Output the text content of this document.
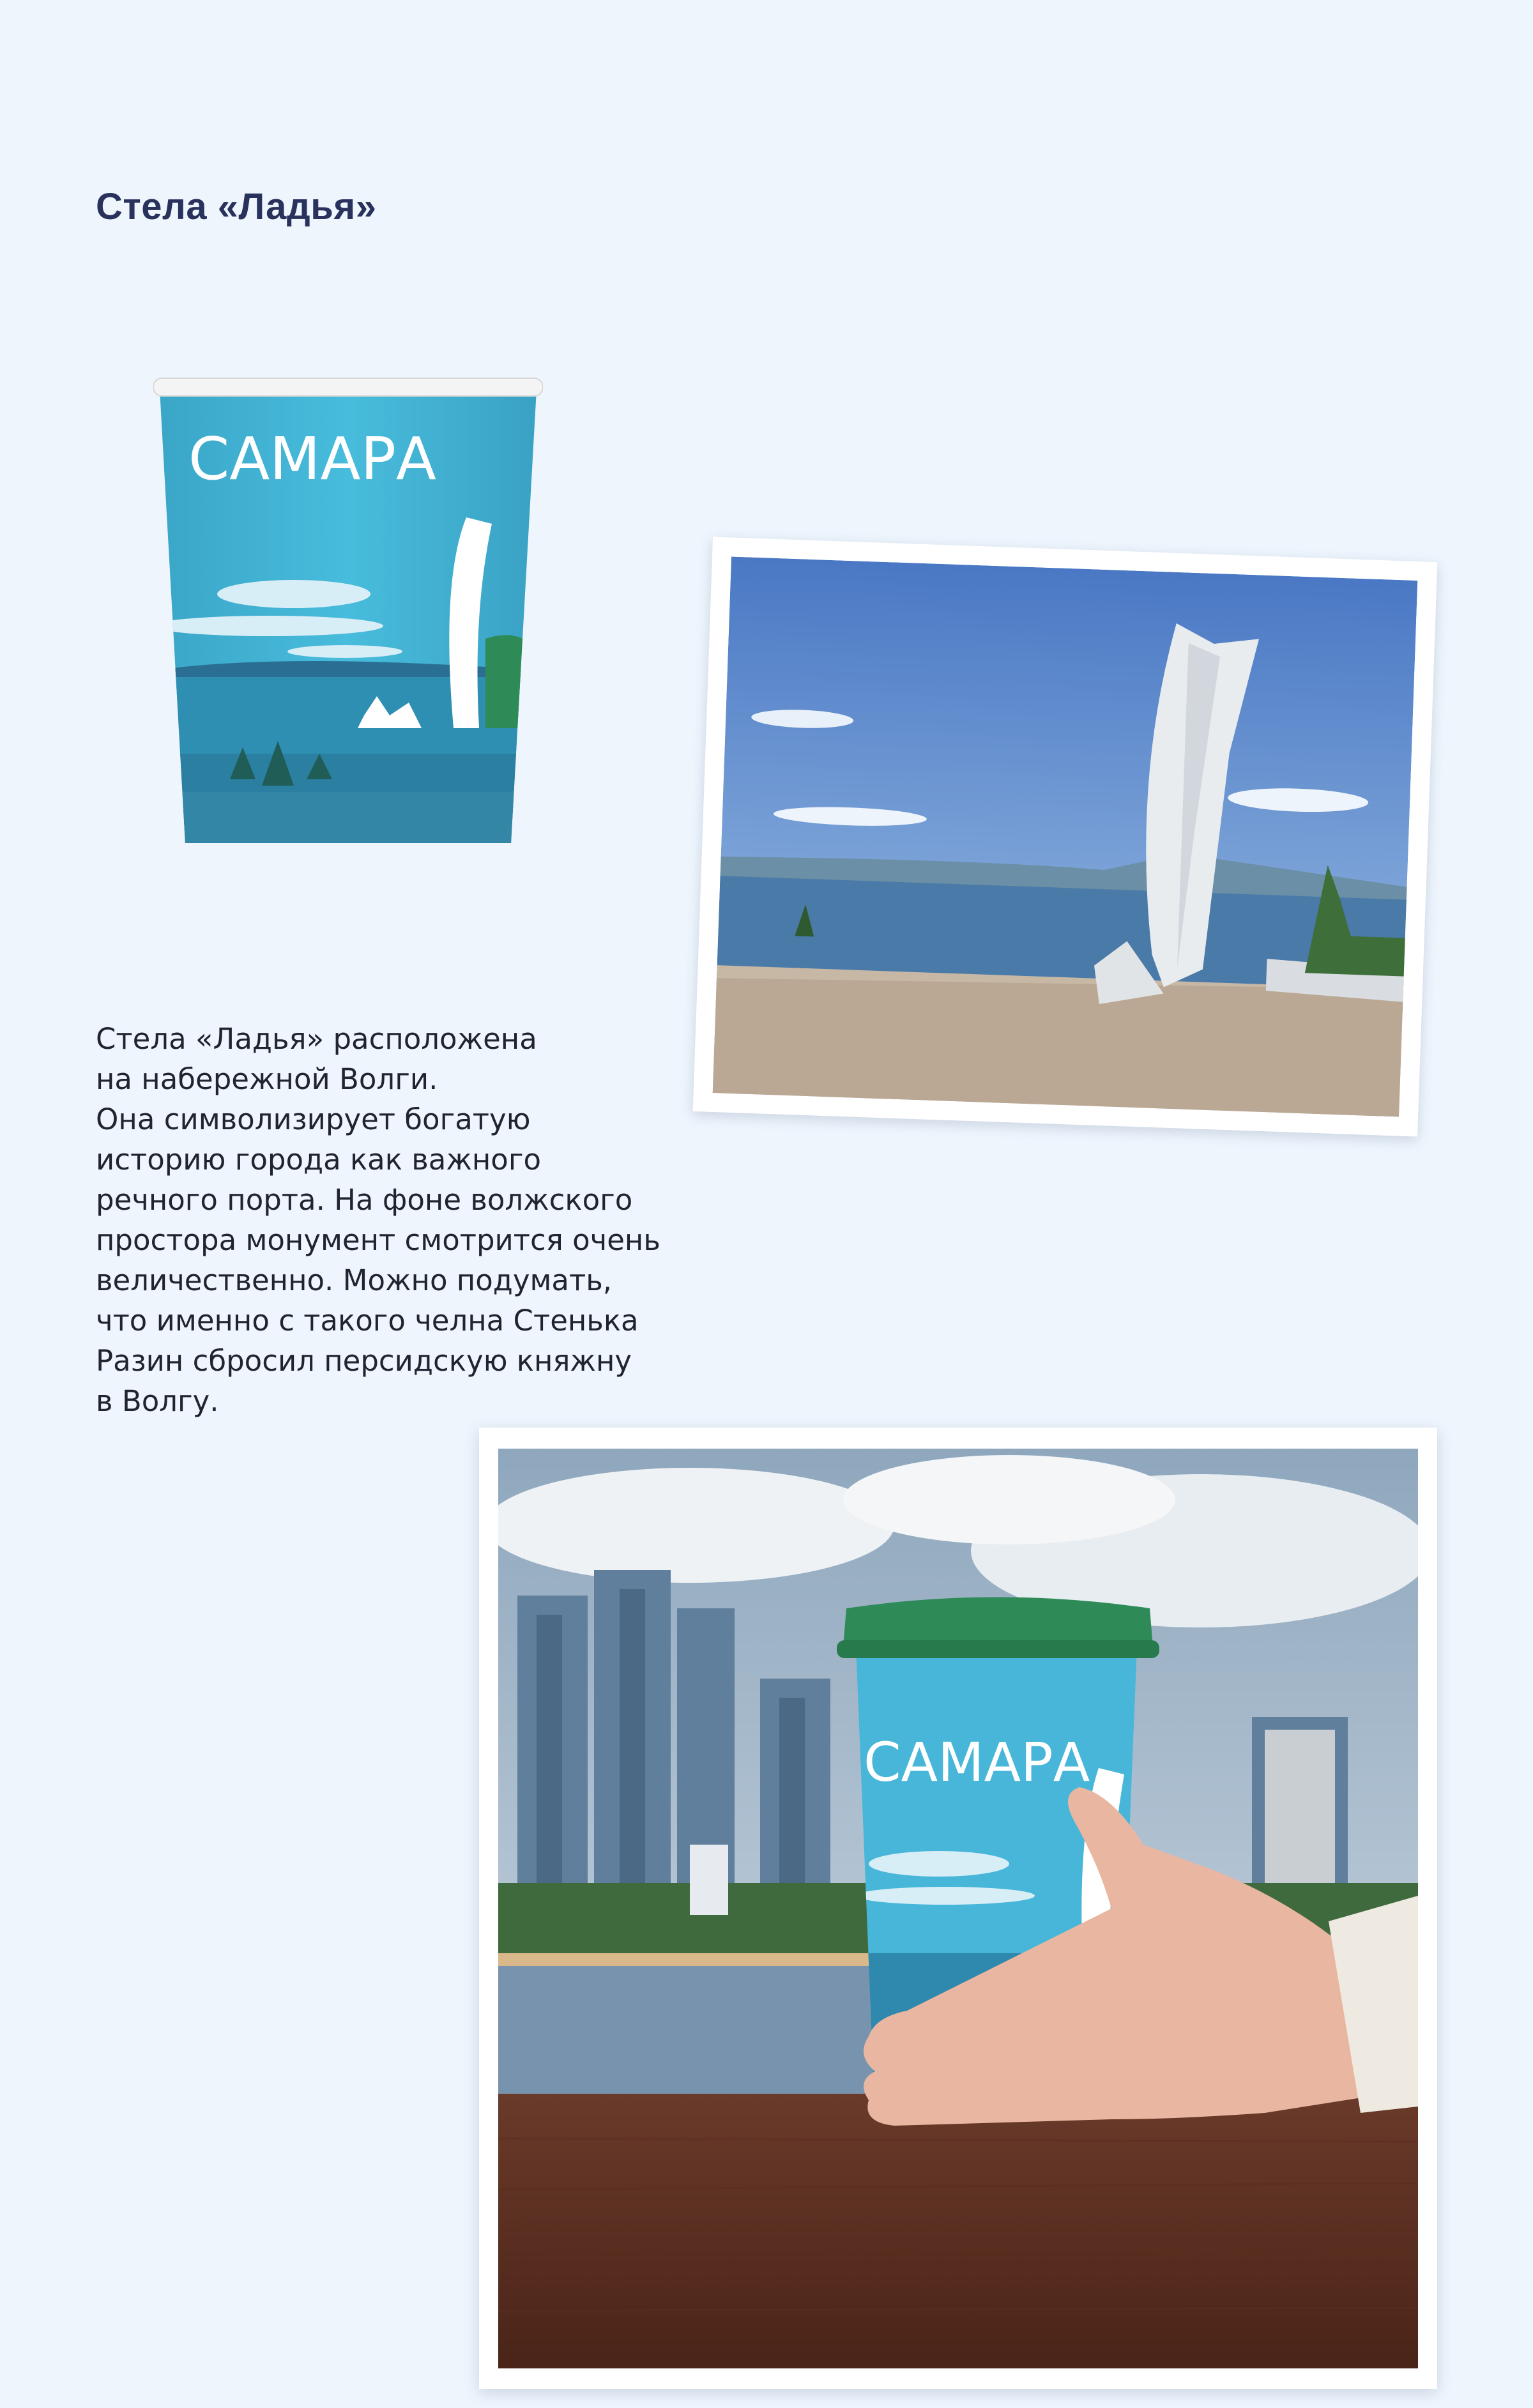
Стела «Ладья»
САМАРА

Стела «Ладья» расположена
на набережной Волги.
Она символизирует богатую
историю города как важного
речного порта. На фоне волжского
простора монумент смотрится очень
величественно. Можно подумать,
что именно с такого челна Стенька
Разин сбросил персидскую княжну
в Волгу.

САМАРА
